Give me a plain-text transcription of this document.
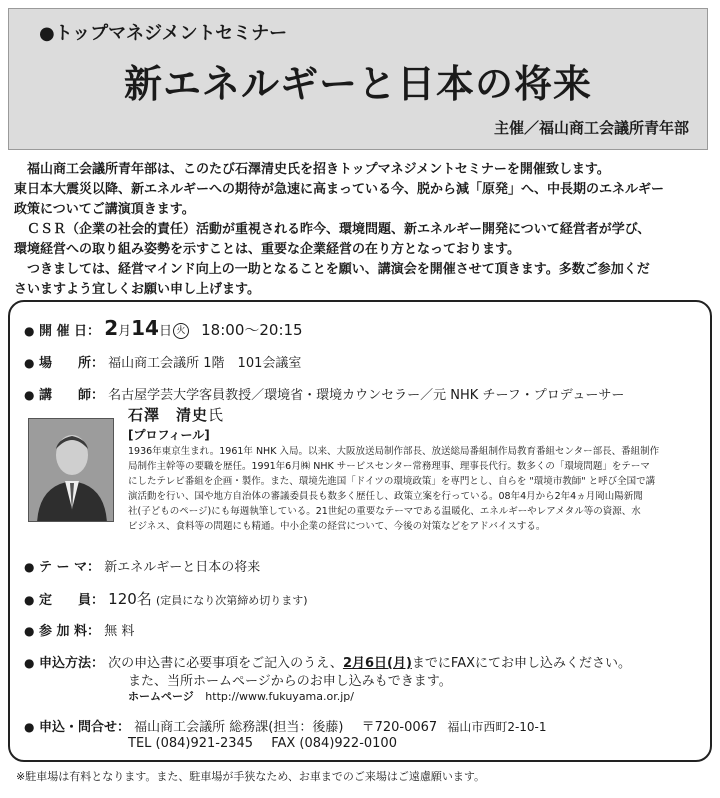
●トップマネジメントセミナー
新エネルギーと日本の将来
主催／福山商工会議所青年部

　福山商工会議所青年部は、このたび石澤清史氏を招きトップマネジメントセミナーを開催致します。

東日本大震災以降、新エネルギーへの期待が急速に高まっている今、脱から減「原発」へ、中長期のエネルギー

政策についてご講演頂きます。

　ＣＳＲ（企業の社会的責任）活動が重視される昨今、環境問題、新エネルギー開発について経営者が学び、

環境経営への取り組み姿勢を示すことは、重要な企業経営の在り方となっております。

　つきましては、経営マインド向上の一助となることを願い、講演会を開催させて頂きます。多数ご参加くだ

さいますよう宜しくお願い申し上げます。

● 開 催 日： 2月14日 火 18:00～20:15
● 場　　所： 福山商工会議所 1階　101会議室
● 講　　師： 名古屋学芸大学客員教授／環境省・環境カウンセラー／元 NHK チーフ・プロデューサー
石澤　清史氏
[プロフィール]
1936年東京生まれ。1961年 NHK 入局。以来、大阪放送局制作部長、放送総局番組制作局教育番組センター部長、番組制作
局制作主幹等の要職を歴任。1991年6月㈱ NHK サービスセンター常務理事、理事長代行。数多くの「環境問題」をテーマ
にしたテレビ番組を企画・製作。また、環境先進国「ドイツの環境政策」を専門とし、自らを "環境市教師" と呼び全国で講
演活動を行い、国や地方自治体の審議委員長も数多く歴任し、政策立案を行っている。08年4月から2年4ヵ月岡山陽新聞
社(子どものページ)にも毎週執筆している。21世紀の重要なテーマである温暖化、エネルギーやレアメタル等の資源、水
ビジネス、食料等の問題にも精通。中小企業の経営について、今後の対策などをアドバイスする。
● テ ー マ： 新エネルギーと日本の将来
● 定　　員： 120名 (定員になり次第締め切ります)
● 参 加 料： 無 料
● 申込方法： 次の申込書に必要事項をご記入のうえ、2月6日(月)までにFAXにてお申し込みください。
また、当所ホームページからのお申し込みもできます。
ホームページ http://www.fukuyama.or.jp/
● 申込・問合せ： 福山商工会議所 総務課(担当：後藤) 〒720-0067 福山市西町2-10-1
TEL (084)921-2345 FAX (084)922-0100
※駐車場は有料となります。また、駐車場が手狭なため、お車までのご来場はご遠慮願います。
